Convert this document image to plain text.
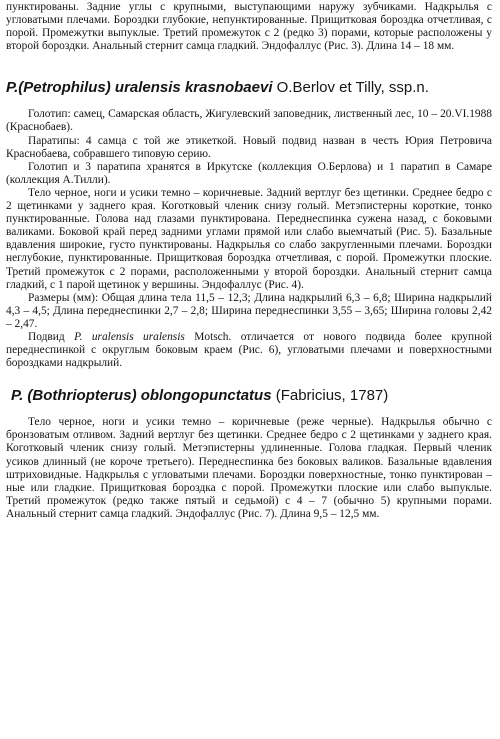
пунктированы. Задние углы с крупными, выступающими наружу зубчиками. Надкрылья с угловатыми плечами. Бороздки глубокие, непунктированные. Прищитковая бороздка отчетливая, с порой. Промежутки выпуклые. Третий промежуток с 2 (редко 3) порами, которые расположены у второй бороздки. Анальный стернит самца гладкий. Эндофаллус (Рис. 3). Длина 14 – 18 мм.

P.(Petrophilus) uralensis krasnobaevi O.Berlov et Tilly, ssp.n.

Голотип: самец, Самарская область, Жигулевский заповедник, лиственный лес, 10 – 20.VI.1988 (Краснобаев).

Паратипы: 4 самца с той же этикеткой. Новый подвид назван в честь Юрия Петровича Краснобаева, собравшего типовую серию.

Голотип и 3 паратипа хранятся в Иркутске (коллекция О.Берлова) и 1 паратип в Самаре (коллекция А.Тилли).

Тело черное, ноги и усики темно – коричневые. Задний вертлуг без щетинки. Среднее бедро с 2 щетинками у заднего края. Коготковый членик снизу голый. Метэпистерны короткие, тонко пунктированные. Голова над глазами пунктирована. Переднеспинка сужена назад, с боковыми валиками. Боковой край перед задними углами прямой или слабо выемчатый (Рис. 5). Базальные вдавления широкие, густо пунктированы. Надкрылья со слабо закругленными плечами. Бороздки неглубокие, пунктированные. Прищитковая бороздка отчетливая, с порой. Промежутки плоские. Третий промежуток с 2 порами, расположенными у второй бороздки. Анальный стернит самца гладкий, с 1 парой щетинок у вершины. Эндофаллус (Рис. 4).

Размеры (мм): Общая длина тела 11,5 – 12,3; Длина надкрылий 6,3 – 6,8; Ширина надкрылий 4,3 – 4,5; Длина переднеспинки 2,7 – 2,8; Ширина переднеспинки 3,55 – 3,65; Ширина головы 2,42 – 2,47.

Подвид P. uralensis uralensis Motsch. отличается от нового подвида более крупной переднеспинкой с округлым боковым краем (Рис. 6), угловатыми плечами и поверхностными бороздками надкрылий.

P. (Bothriopterus) oblongopunctatus (Fabricius, 1787)

Тело черное, ноги и усики темно – коричневые (реже черные). Надкрылья обычно с бронзоватым отливом. Задний вертлуг без щетинки. Среднее бедро с 2 щетинками у заднего края. Коготковый членик снизу голый. Метэпистерны удлиненные. Голова гладкая. Первый членик усиков длинный (не короче третьего). Переднеспинка без боковых валиков. Базальные вдавления штриховидные. Надкрылья с угловатыми плечами. Бороздки поверхностные, тонко пунктирован – ные или гладкие. Прищитковая бороздка с порой. Промежутки плоские или слабо выпуклые. Третий промежуток (редко также пятый и седьмой) с 4 – 7 (обычно 5) крупными порами. Анальный стернит самца гладкий. Эндофаллус (Рис. 7). Длина 9,5 – 12,5 мм.
